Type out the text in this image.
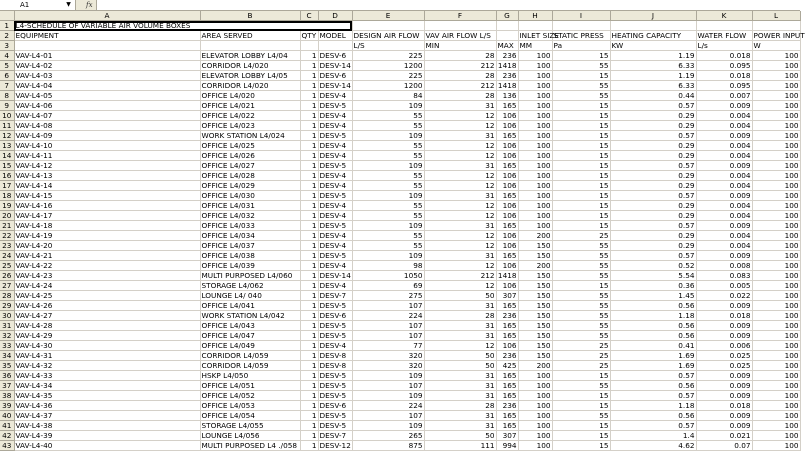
A1	▼	fx
	A	B	C	D	E	F	G	H	I	J	K	L
1	L4-SCHEDULE OF VARIABLE AIR VOLUME BOXES											
2	EQUIPMENT	AREA SERVED	QTY	MODEL	DESIGN AIR FLOW	VAV AIR FLOW L/S		INLET SIZE	STATIC PRESS	HEATING CAPACITY	WATER FLOW	POWER INPUT
3					L/S	MIN	MAX	MM	Pa	KW	L/s	W
4	VAV-L4-01	ELEVATOR LOBBY L4/04	1	DESV-6	225	28	236	100	15	1.19	0.018	100
5	VAV-L4-02	CORRIDOR L4/020	1	DESV-14	1200	212	1418	100	55	6.33	0.095	100
6	VAV-L4-03	ELEVATOR LOBBY L4/05	1	DESV-6	225	28	236	100	15	1.19	0.018	100
7	VAV-L4-04	CORRIDOR L4/020	1	DESV-14	1200	212	1418	100	55	6.33	0.095	100
8	VAV-L4-05	OFFICE L4/020	1	DESV-4	84	28	136	100	55	0.44	0.007	100
9	VAV-L4-06	OFFICE L4/021	1	DESV-5	109	31	165	100	15	0.57	0.009	100
10	VAV-L4-07	OFFICE L4/022	1	DESV-4	55	12	106	100	15	0.29	0.004	100
11	VAV-L4-08	OFFICE L4/023	1	DESV-4	55	12	106	100	15	0.29	0.004	100
12	VAV-L4-09	WORK STATION L4/024	1	DESV-5	109	31	165	100	15	0.57	0.009	100
13	VAV-L4-10	OFFICE L4/025	1	DESV-4	55	12	106	100	15	0.29	0.004	100
14	VAV-L4-11	OFFICE L4/026	1	DESV-4	55	12	106	100	15	0.29	0.004	100
15	VAV-L4-12	OFFICE L4/027	1	DESV-5	109	31	165	100	15	0.57	0.009	100
16	VAV-L4-13	OFFICE L4/028	1	DESV-4	55	12	106	100	15	0.29	0.004	100
17	VAV-L4-14	OFFICE L4/029	1	DESV-4	55	12	106	100	15	0.29	0.004	100
18	VAV-L4-15	OFFICE L4/030	1	DESV-5	109	31	165	100	15	0.57	0.009	100
19	VAV-L4-16	OFFICE L4/031	1	DESV-4	55	12	106	100	15	0.29	0.004	100
20	VAV-L4-17	OFFICE L4/032	1	DESV-4	55	12	106	100	15	0.29	0.004	100
21	VAV-L4-18	OFFICE L4/033	1	DESV-5	109	31	165	100	15	0.57	0.009	100
22	VAV-L4-19	OFFICE L4/034	1	DESV-4	55	12	106	200	25	0.29	0.004	100
23	VAV-L4-20	OFFICE L4/037	1	DESV-4	55	12	106	150	55	0.29	0.004	100
24	VAV-L4-21	OFFICE L4/038	1	DESV-5	109	31	165	150	55	0.57	0.009	100
25	VAV-L4-22	OFFICE L4/039	1	DESV-4	98	12	106	200	55	0.52	0.008	100
26	VAV-L4-23	MULTI PURPOSED L4/060	1	DESV-14	1050	212	1418	150	55	5.54	0.083	100
27	VAV-L4-24	STORAGE L4/062	1	DESV-4	69	12	106	150	15	0.36	0.005	100
28	VAV-L4-25	LOUNGE L4/ 040	1	DESV-7	275	50	307	150	55	1.45	0.022	100
29	VAV-L4-26	OFFICE L4/041	1	DESV-5	107	31	165	150	55	0.56	0.009	100
30	VAV-L4-27	WORK STATION L4/042	1	DESV-6	224	28	236	150	55	1.18	0.018	100
31	VAV-L4-28	OFFICE L4/043	1	DESV-5	107	31	165	150	55	0.56	0.009	100
32	VAV-L4-29	OFFICE L4/047	1	DESV-5	107	31	165	150	55	0.56	0.009	100
33	VAV-L4-30	OFFICE L4/049	1	DESV-4	77	12	106	150	25	0.41	0.006	100
34	VAV-L4-31	CORRIDOR L4/059	1	DESV-8	320	50	236	150	25	1.69	0.025	100
35	VAV-L4-32	CORRIDOR L4/059	1	DESV-8	320	50	425	200	25	1.69	0.025	100
36	VAV-L4-33	HSKP L4/050	1	DESV-5	109	31	165	100	15	0.57	0.009	100
37	VAV-L4-34	OFFICE L4/051	1	DESV-5	107	31	165	100	55	0.56	0.009	100
38	VAV-L4-35	OFFICE L4/052	1	DESV-5	109	31	165	100	15	0.57	0.009	100
39	VAV-L4-36	OFFICE L4/053	1	DESV-6	224	28	236	100	15	1.18	0.018	100
40	VAV-L4-37	OFFICE L4/054	1	DESV-5	107	31	165	100	55	0.56	0.009	100
41	VAV-L4-38	STORAGE L4/055	1	DESV-5	109	31	165	100	15	0.57	0.009	100
42	VAV-L4-39	LOUNGE L4/056	1	DESV-7	265	50	307	100	15	1.4	0.021	100
43	VAV-L4-40	MULTI PURPOSED L4 ./058	1	DESV-12	875	111	994	100	15	4.62	0.07	100
